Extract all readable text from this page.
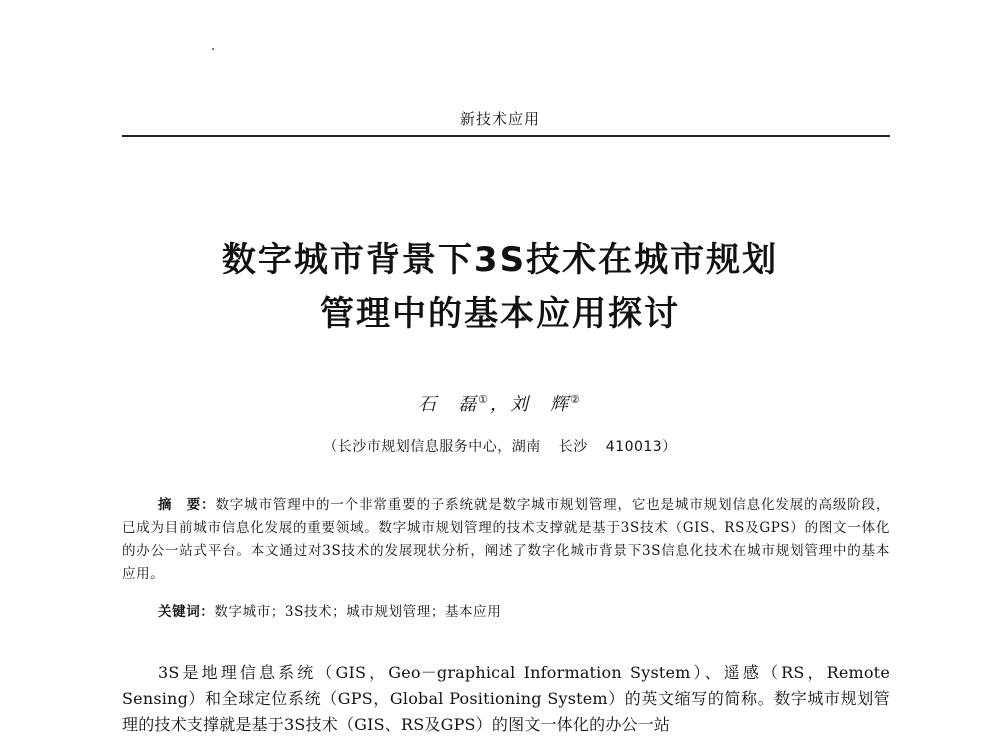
新技术应用
数字城市背景下3S技术在城市规划
管理中的基本应用探讨
石　磊①，刘　辉②
（长沙市规划信息服务中心，湖南 长沙 410013）
摘　要：数字城市管理中的一个非常重要的子系统就是数字城市规划管理，它也是城市规划信息化发展的高级阶段，已成为目前城市信息化发展的重要领域。数字城市规划管理的技术支撑就是基于3S技术（GIS、RS及GPS）的图文一体化的办公一站式平台。本文通过对3S技术的发展现状分析，阐述了数字化城市背景下3S信息化技术在城市规划管理中的基本应用。
关键词：数字城市；3S技术；城市规划管理；基本应用
3S是地理信息系统（GIS，Geo－graphical Information System）、遥感（RS，Remote Sensing）和全球定位系统（GPS，Global Positioning System）的英文缩写的简称。数字城市规划管理的技术支撑就是基于3S技术（GIS、RS及GPS）的图文一体化的办公一站
